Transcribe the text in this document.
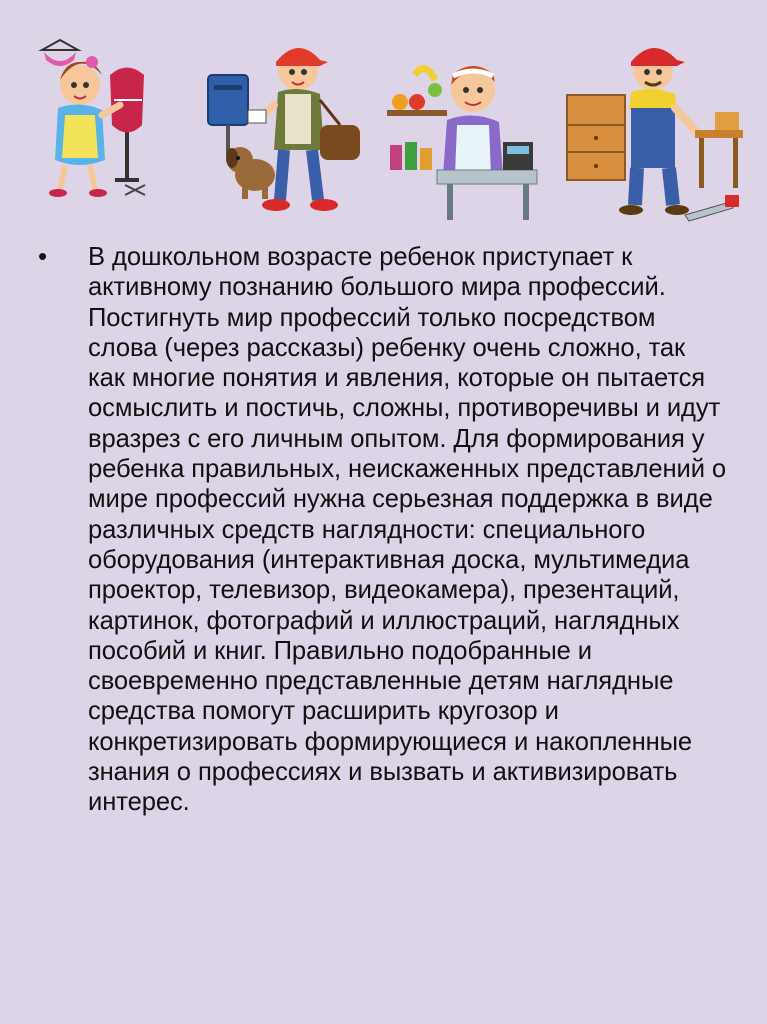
•	В дошкольном возрасте ребенок приступает к активному познанию большого мира профессий. Постигнуть мир профессий только посредством слова (через рассказы) ребенку очень сложно, так как многие понятия и явления, которые он пытается осмыслить и постичь, сложны, противоречивы и идут вразрез с его личным опытом. Для формирования у ребенка правильных, неискаженных представлений о мире профессий нужна серьезная поддержка в виде различных средств наглядности: специального оборудования (интерактивная доска, мультимедиа проектор, телевизор, видеокамера), презентаций, картинок, фотографий и иллюстраций, наглядных пособий и книг. Правильно подобранные и своевременно представленные детям наглядные средства помогут расширить кругозор и конкретизировать формирующиеся и накопленные знания о профессиях и вызвать и активизировать интерес.
